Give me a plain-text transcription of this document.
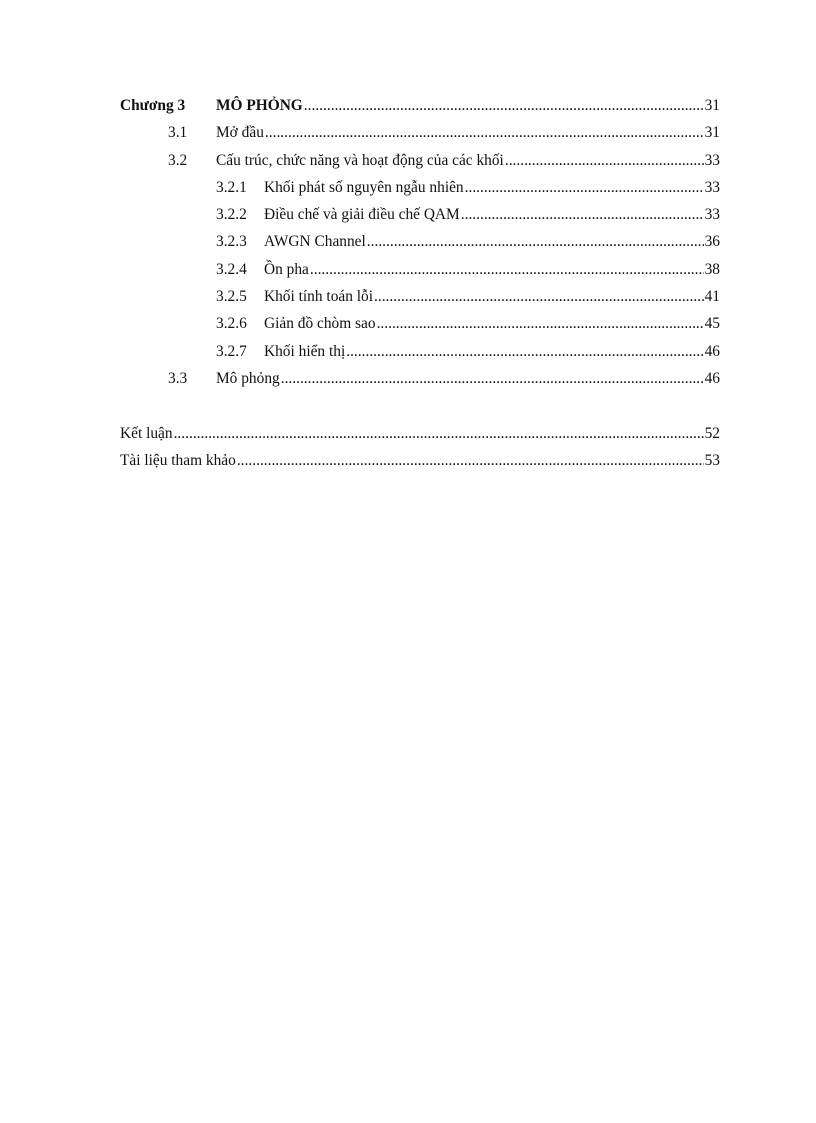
Chương 3	MÔ PHỎNG .....	31
3.1	Mở đầu .....	31
3.2	Cấu trúc, chức năng và hoạt động của các khối .....	33
3.2.1	Khối phát số nguyên ngẫu nhiên .....	33
3.2.2	Điều chế và giải điều chế QAM .....	33
3.2.3	AWGN Channel .....	36
3.2.4	Ồn pha .....	38
3.2.5	Khối tính toán lỗi .....	41
3.2.6	Giản đồ chòm sao .....	45
3.2.7	Khối hiển thị .....	46
3.3	Mô phỏng .....	46
Kết luận .....	52
Tài liệu tham khảo .....	53
